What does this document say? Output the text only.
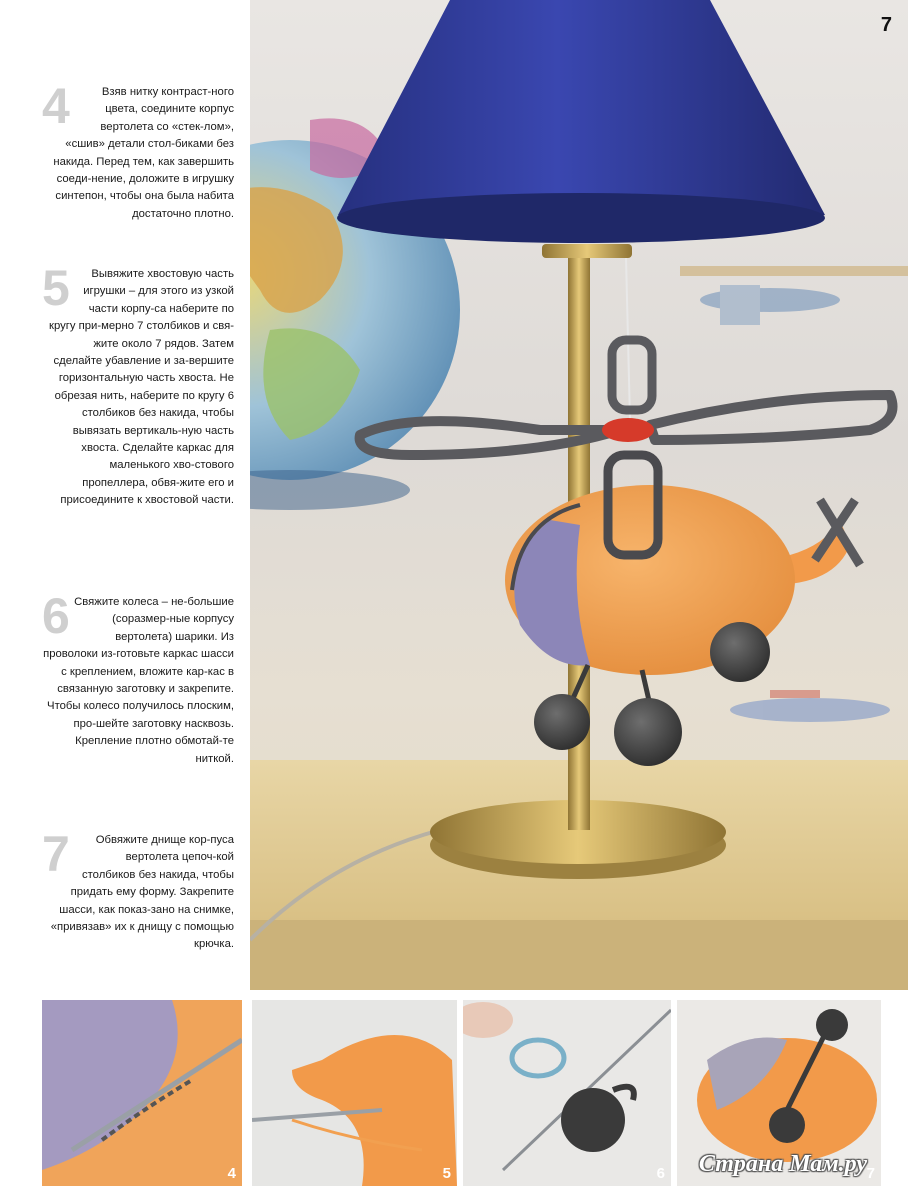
4	Взяв нитку контраст-ного цвета, соедините корпус вертолета со «стек-лом», «сшив» детали стол-биками без накида. Перед тем, как завершить соеди-нение, доложите в игрушку синтепон, чтобы она была набита достаточно плотно.

5	Вывяжите хвостовую часть игрушки – для этого из узкой части корпу-са наберите по кругу при-мерно 7 столбиков и свя-жите около 7 рядов. Затем сделайте убавление и за-вершите горизонтальную часть хвоста. Не обрезая нить, наберите по кругу 6 столбиков без накида, чтобы вывязать вертикаль-ную часть хвоста. Сделайте каркас для маленького хво-стового пропеллера, обвя-жите его и присоедините к хвостовой части.

6 Свяжите колеса – не-большие (соразмер-ные корпусу вертолета) шарики. Из проволоки из-готовьте каркас шасси с креплением, вложите кар-кас в связанную заготовку и закрепите. Чтобы колесо получилось плоским, про-шейте заготовку насквозь. Крепление плотно обмотай-те ниткой.

7	Обвяжите днище кор-пуса вертолета цепоч-кой столбиков без накида, чтобы придать ему форму. Закрепите шасси, как показ-зано на снимке, «привязав» их к днищу с помощью крючка.

7
4	5	6	7
Страна Мам.ру
